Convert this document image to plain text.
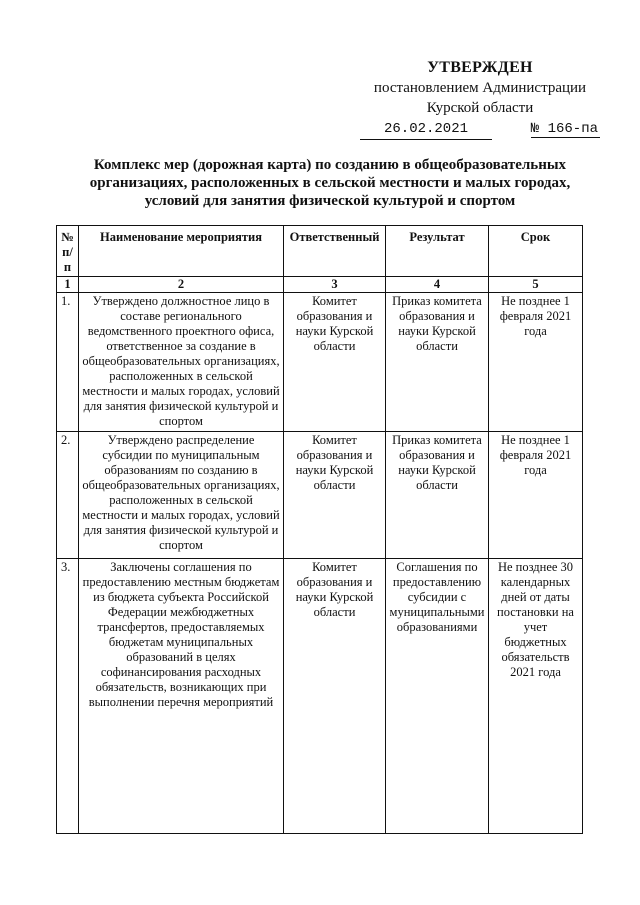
УТВЕРЖДЕН
постановлением Администрации
Курской области
26.02.2021	№ 166-па
Комплекс мер (дорожная карта) по созданию в общеобразовательных организациях, расположенных в сельской местности и малых городах, условий для занятия физической культурой и спортом
№ п/п	Наименование мероприятия	Ответственный	Результат	Срок
1	2	3	4	5
1.	Утверждено должностное лицо в составе регионального ведомственного проектного офиса, ответственное за создание в общеобразовательных организациях, расположенных в сельской местности и малых городах, условий для занятия физической культурой и спортом	Комитет образования и науки Курской области	Приказ комитета образования и науки Курской области	Не позднее 1 февраля 2021 года
2.	Утверждено распределение субсидии по муниципальным образованиям по созданию в общеобразовательных организациях, расположенных в сельской местности и малых городах, условий для занятия физической культурой и спортом	Комитет образования и науки Курской области	Приказ комитета образования и науки Курской области	Не позднее 1 февраля 2021 года
3.	Заключены соглашения по предоставлению местным бюджетам из бюджета субъекта Российской Федерации межбюджетных трансфертов, предоставляемых бюджетам муниципальных образований в целях софинансирования расходных обязательств, возникающих при выполнении перечня мероприятий	Комитет образования и науки Курской области	Соглашения по предоставлению субсидии с муниципальными образованиями	Не позднее 30 календарных дней от даты постановки на учет бюджетных обязательств 2021 года
